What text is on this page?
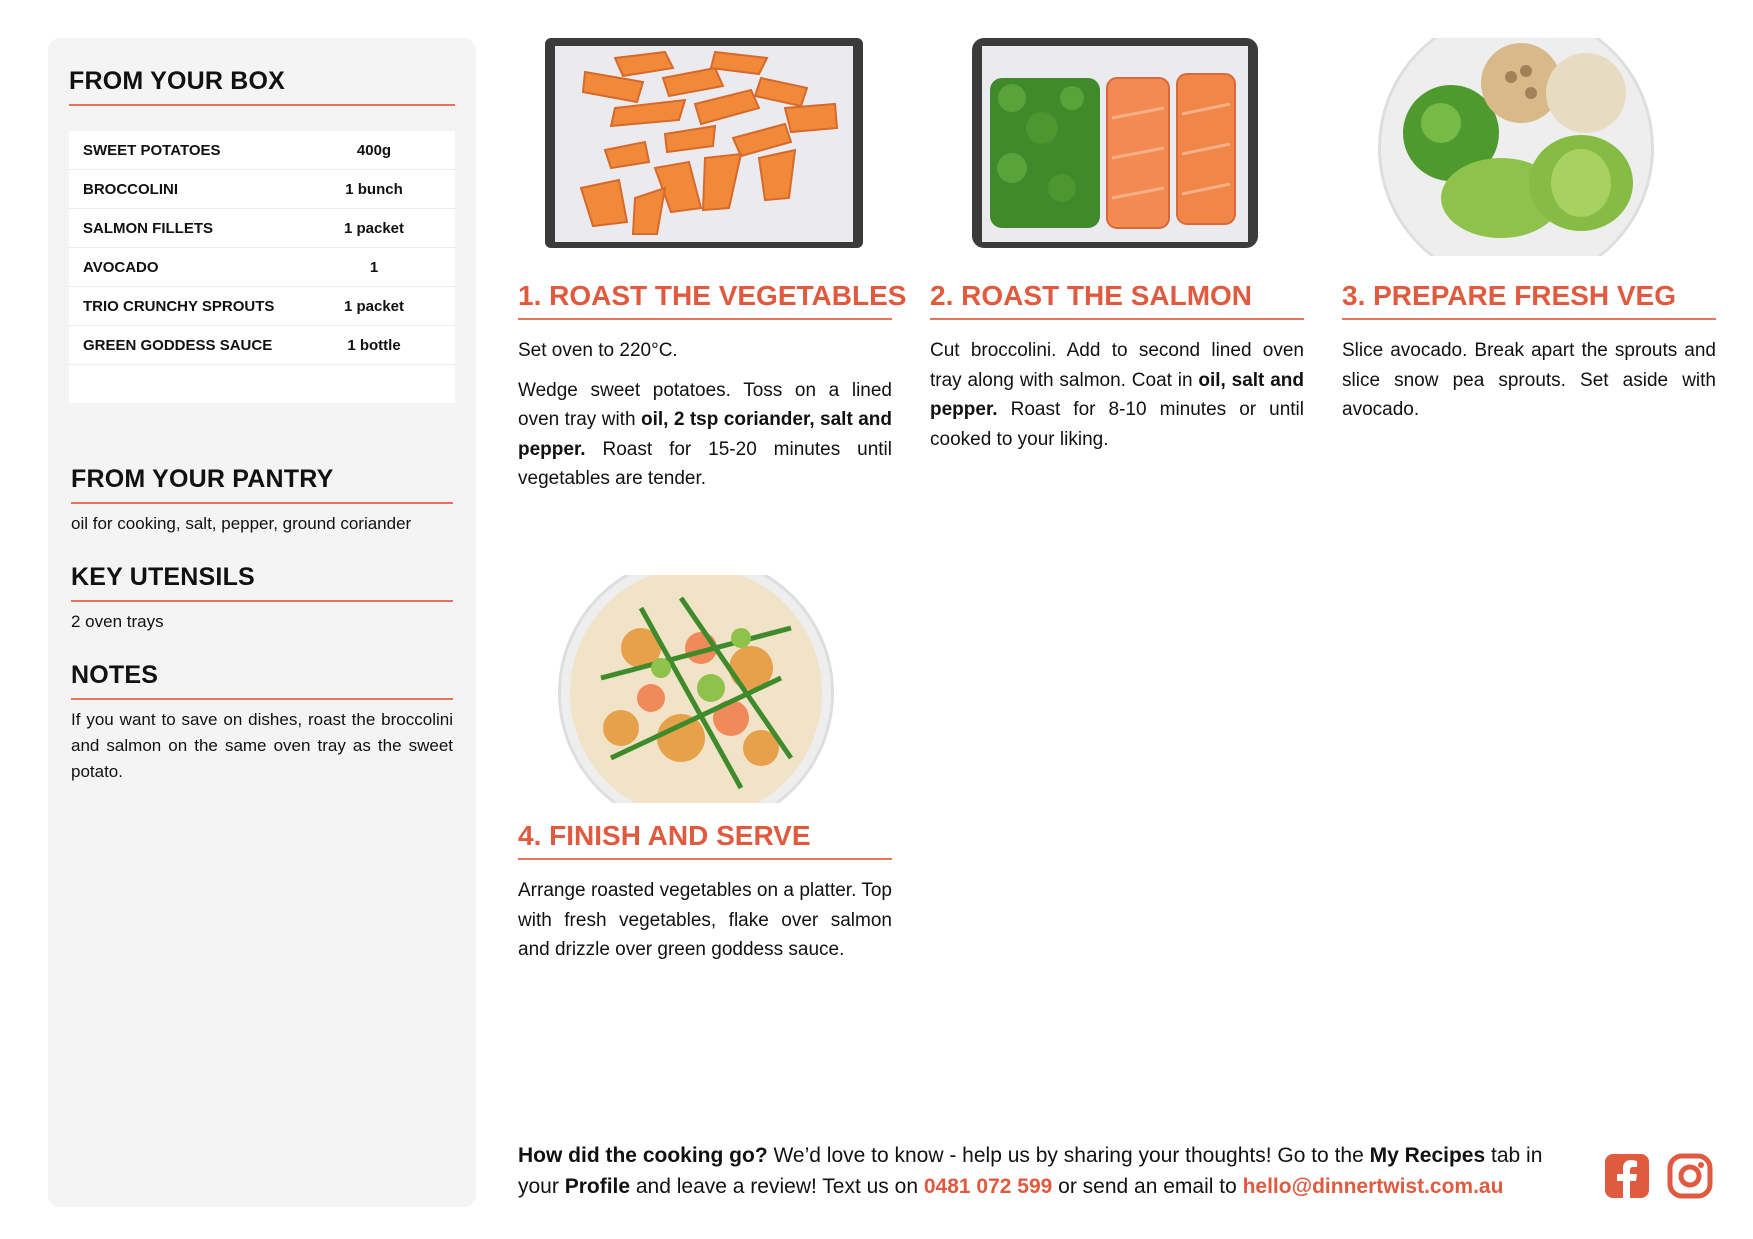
FROM YOUR BOX
SWEET POTATOES	400g
BROCCOLINI	1 bunch
SALMON FILLETS	1 packet
AVOCADO	1
TRIO CRUNCHY SPROUTS	1 packet
GREEN GODDESS SAUCE	1 bottle
FROM YOUR PANTRY
oil for cooking, salt, pepper, ground coriander
KEY UTENSILS
2 oven trays
NOTES
If you want to save on dishes, roast the broccolini and salmon on the same oven tray as the sweet potato.
1. ROAST THE VEGETABLES

Set oven to 220°C.

Wedge sweet potatoes. Toss on a lined oven tray with oil, 2 tsp coriander, salt and pepper. Roast for 15-20 minutes until vegetables are tender.

2. ROAST THE SALMON

Cut broccolini. Add to second lined oven tray along with salmon. Coat in oil, salt and pepper. Roast for 8-10 minutes or until cooked to your liking.

3. PREPARE FRESH VEG

Slice avocado. Break apart the sprouts and slice snow pea sprouts. Set aside with avocado.

4. FINISH AND SERVE

Arrange roasted vegetables on a platter. Top with fresh vegetables, flake over salmon and drizzle over green goddess sauce.

How did the cooking go? We’d love to know - help us by sharing your thoughts! Go to the My Recipes tab in your Profile and leave a review! Text us on 0481 072 599 or send an email to hello@dinnertwist.com.au
